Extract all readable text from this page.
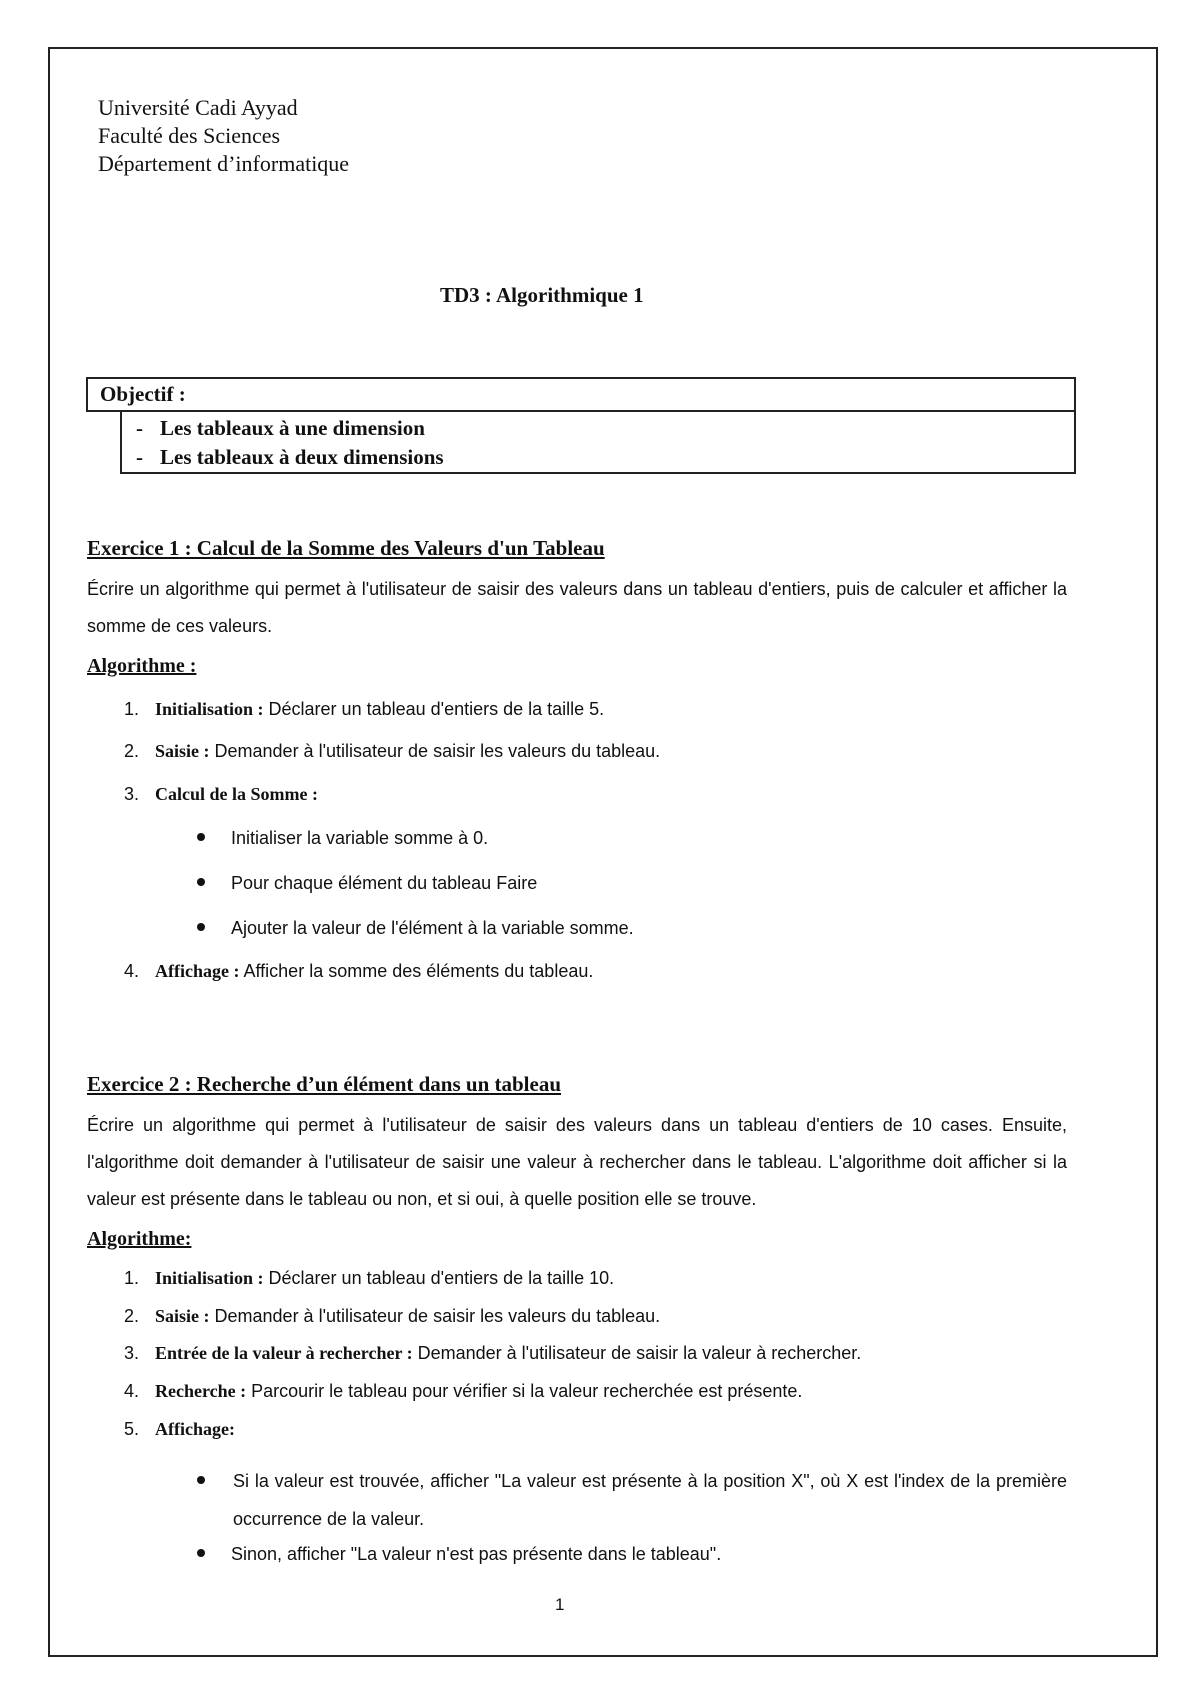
Université Cadi Ayyad
Faculté des Sciences
Département d’informatique
TD3 : Algorithmique 1
Objectif :
- Les tableaux à une dimension
- Les tableaux à deux dimensions
Exercice 1 : Calcul de la Somme des Valeurs d'un Tableau
Écrire un algorithme qui permet à l'utilisateur de saisir des valeurs dans un tableau d'entiers, puis de calculer et afficher la somme de ces valeurs.
Algorithme :
1. Initialisation : Déclarer un tableau d'entiers de la taille 5.
2. Saisie : Demander à l'utilisateur de saisir les valeurs du tableau.
3. Calcul de la Somme :
Initialiser la variable somme à 0.
Pour chaque élément du tableau Faire
Ajouter la valeur de l'élément à la variable somme.
4. Affichage : Afficher la somme des éléments du tableau.
Exercice 2 : Recherche d’un élément dans un tableau
Écrire un algorithme qui permet à l'utilisateur de saisir des valeurs dans un tableau d'entiers de 10 cases. Ensuite, l'algorithme doit demander à l'utilisateur de saisir une valeur à rechercher dans le tableau. L'algorithme doit afficher si la valeur est présente dans le tableau ou non, et si oui, à quelle position elle se trouve.
Algorithme:
1. Initialisation : Déclarer un tableau d'entiers de la taille 10.
2. Saisie : Demander à l'utilisateur de saisir les valeurs du tableau.
3. Entrée de la valeur à rechercher : Demander à l'utilisateur de saisir la valeur à rechercher.
4. Recherche : Parcourir le tableau pour vérifier si la valeur recherchée est présente.
5. Affichage:
Si la valeur est trouvée, afficher "La valeur est présente à la position X", où X est l'index de la première occurrence de la valeur.
Sinon, afficher "La valeur n'est pas présente dans le tableau".
1
